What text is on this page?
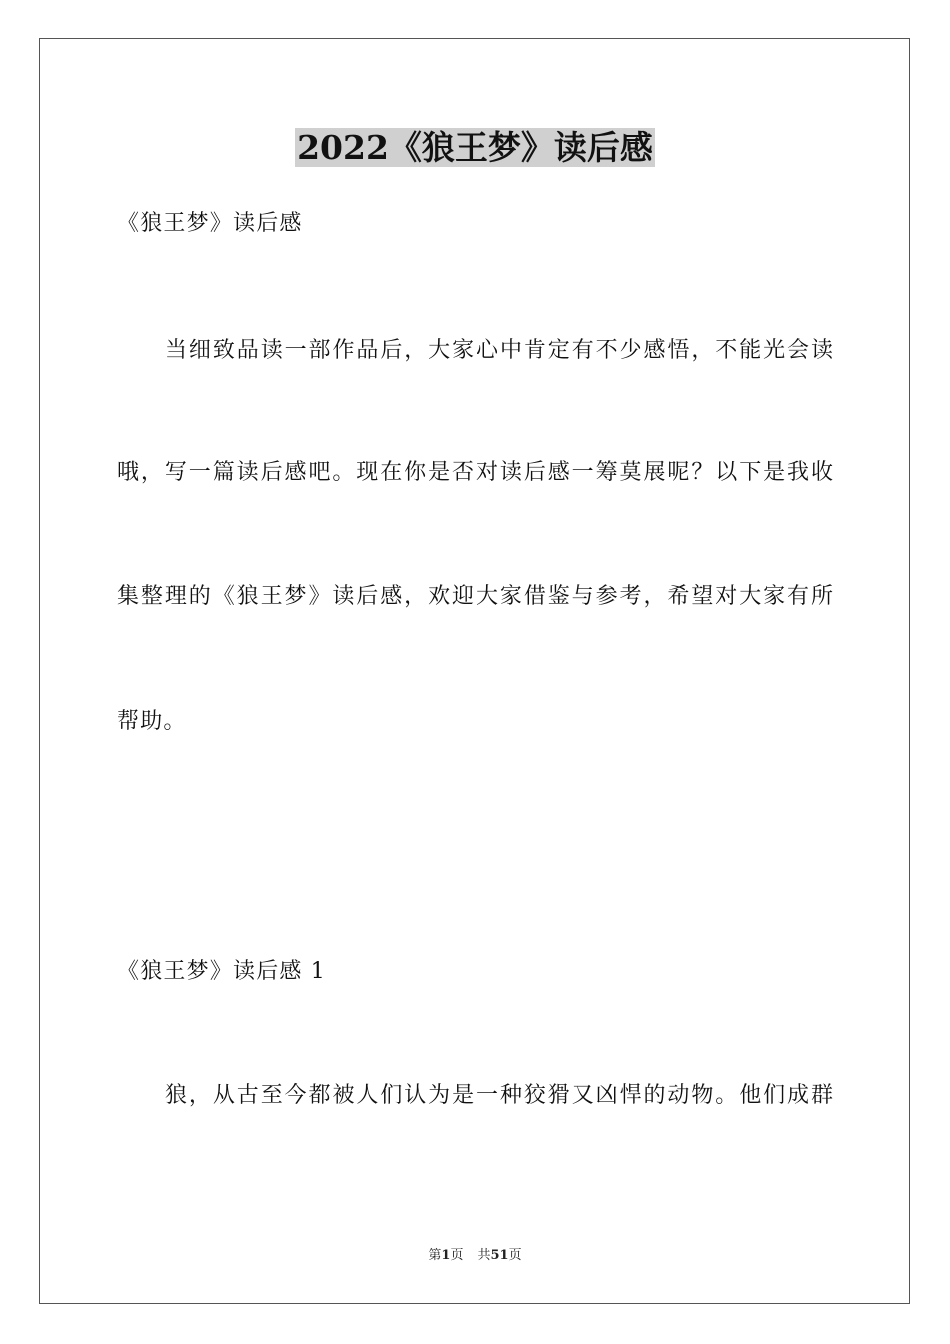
2022《狼王梦》读后感
《狼王梦》读后感
当细致品读一部作品后，大家心中肯定有不少感悟，不能光会读
哦，写一篇读后感吧。现在你是否对读后感一筹莫展呢？以下是我收
集整理的《狼王梦》读后感，欢迎大家借鉴与参考，希望对大家有所
帮助。
《狼王梦》读后感 1
狼，从古至今都被人们认为是一种狡猾又凶悍的动物。他们成群
第1页 共51页
